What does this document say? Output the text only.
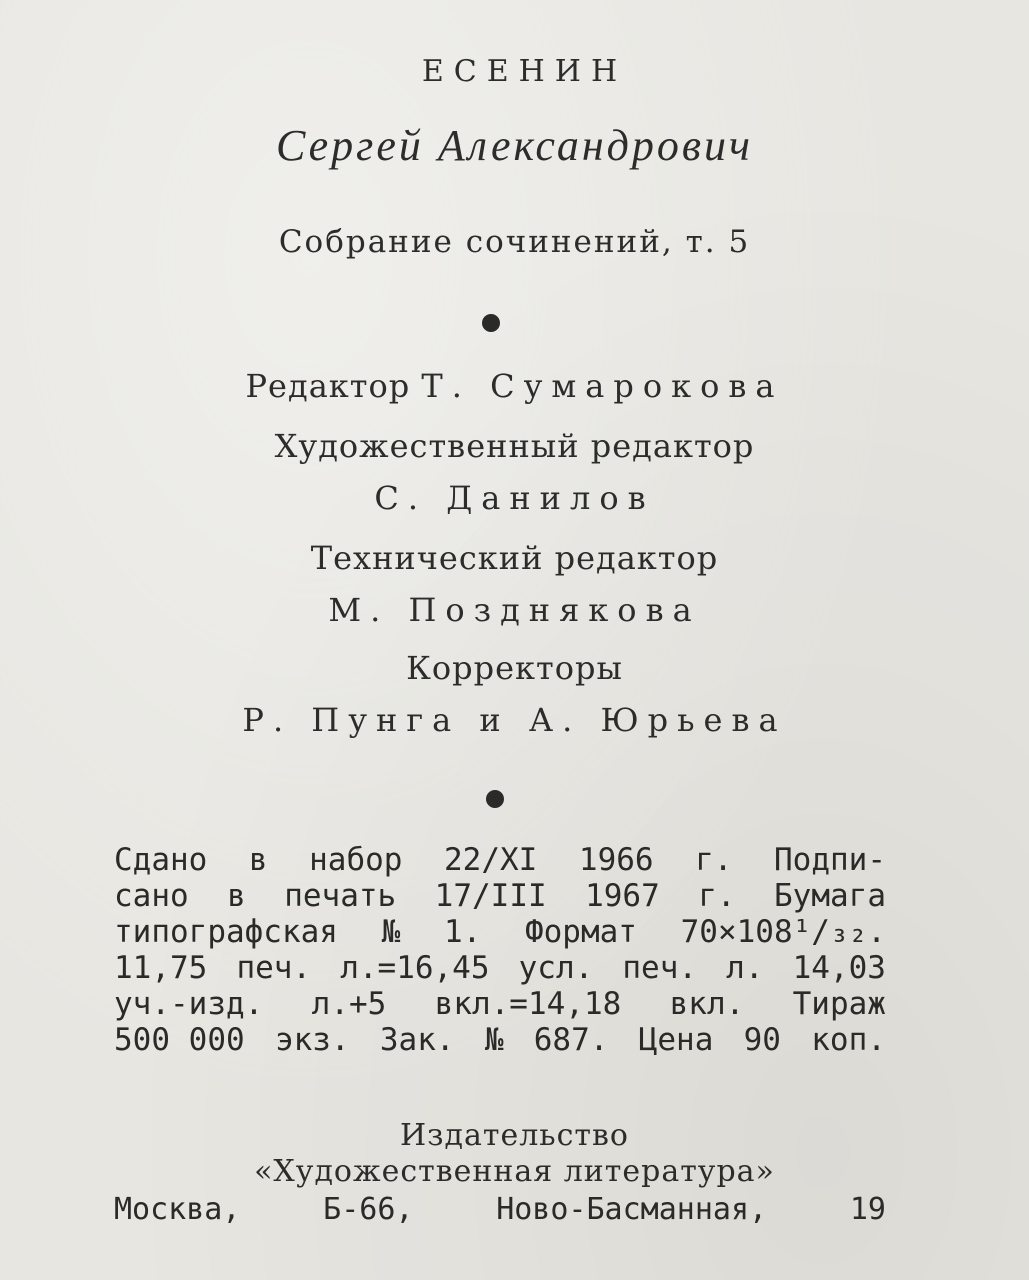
ЕСЕНИН
Сергей Александрович
Собрание сочинений, т. 5
Редактор Т. Сумарокова
Художественный редактор
С. Данилов
Технический редактор
М. Позднякова
Корректоры
Р. Пунга и А. Юрьева
Сдано в набор 22/XI 1966 г. Подпи-
сано в печать 17/III 1967 г. Бумага
типографская № 1. Формат 70×108¹/₃₂.
11,75 печ. л.=16,45 усл. печ. л. 14,03
уч.-изд. л.+5 вкл.=14,18 вкл. Тираж
500 000 экз. Зак. № 687. Цена 90 коп.
Издательство
«Художественная литература»
Москва,	Б-66,	Ново-Басманная,	19
